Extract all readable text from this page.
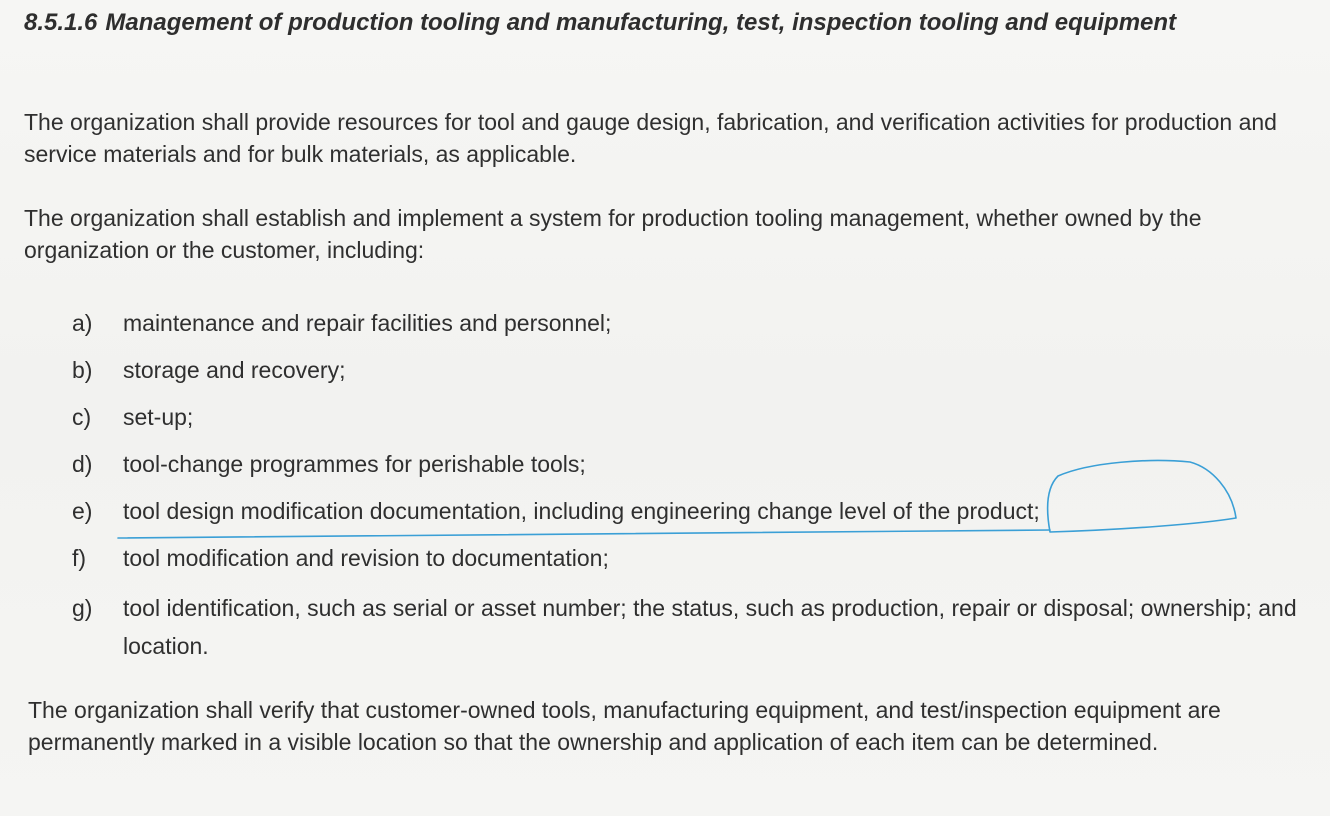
8.5.1.6 Management of production tooling and manufacturing, test, inspection tooling and equipment

The organization shall provide resources for tool and gauge design, fabrication, and verification activities for production and service materials and for bulk materials, as applicable.

The organization shall establish and implement a system for production tooling management, whether owned by the organization or the customer, including:

a) maintenance and repair facilities and personnel;
b) storage and recovery;
c) set-up;
d) tool-change programmes for perishable tools;
e) tool design modification documentation, including engineering change level of the product;
f) tool modification and revision to documentation;
g) tool identification, such as serial or asset number; the status, such as production, repair or disposal; ownership; and location.

The organization shall verify that customer-owned tools, manufacturing equipment, and test/inspection equipment are permanently marked in a visible location so that the ownership and application of each item can be determined.
